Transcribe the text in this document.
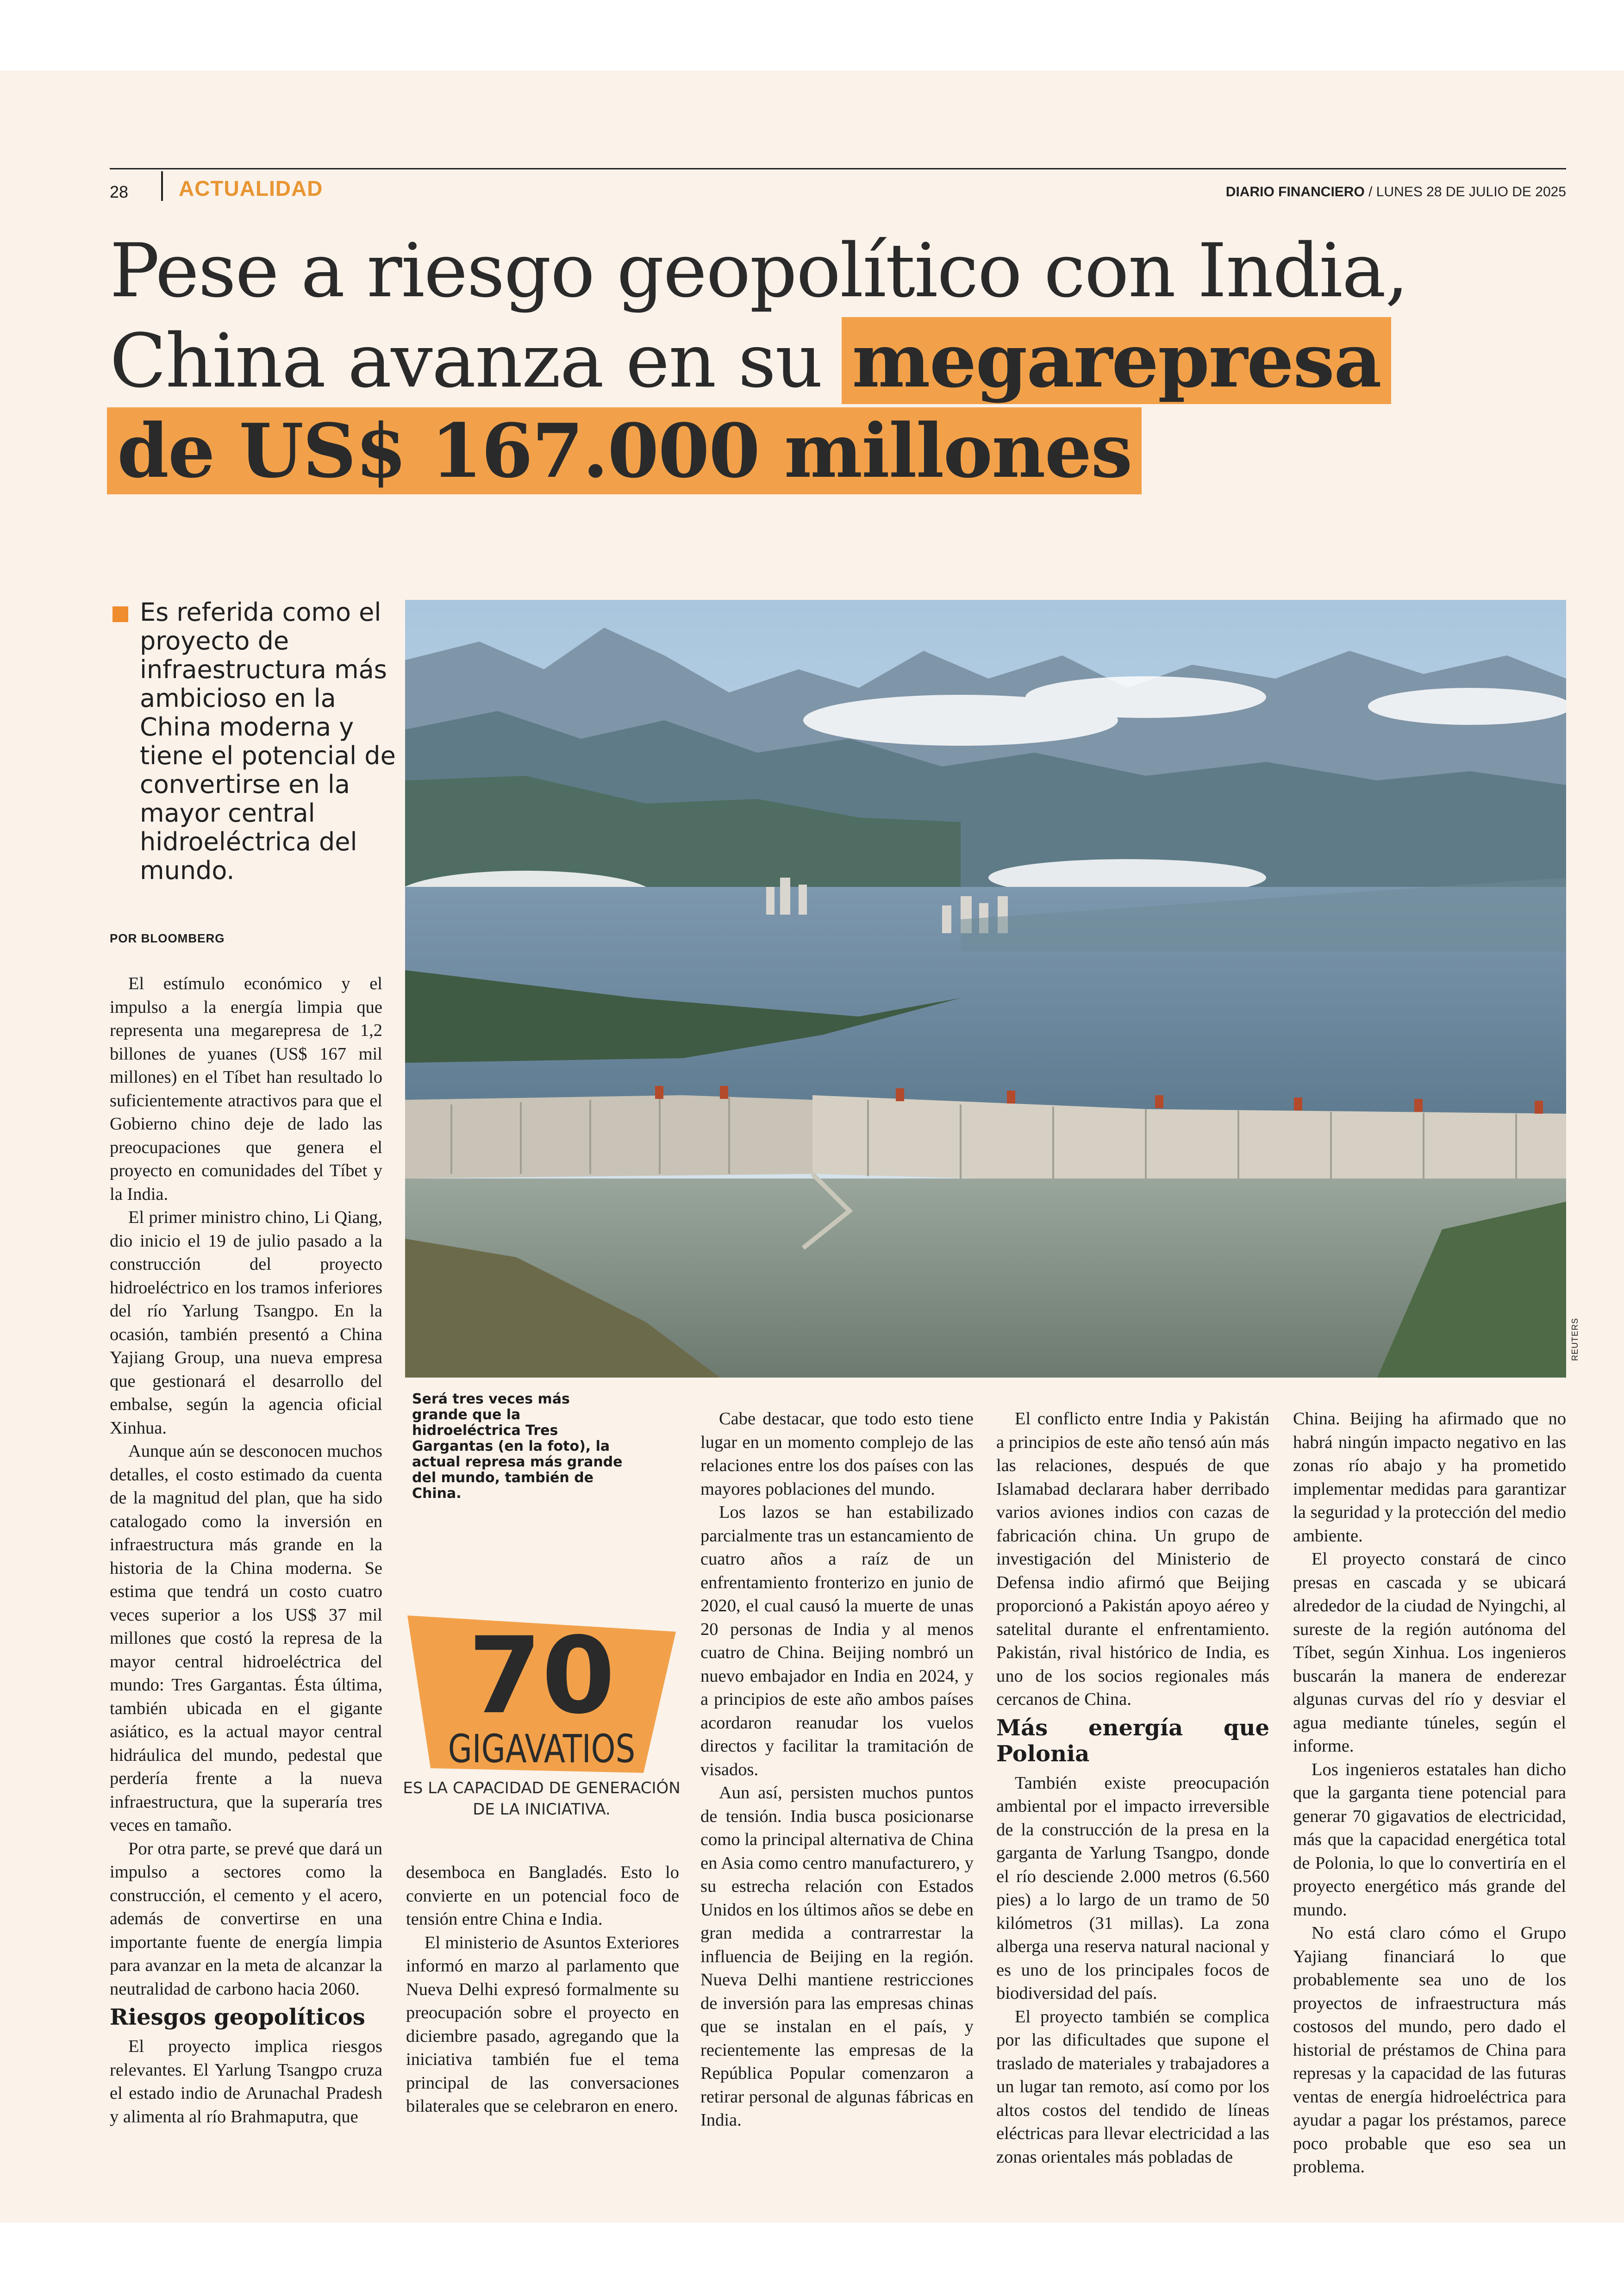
28 ACTUALIDAD	DIARIO FINANCIERO / LUNES 28 DE JULIO DE 2025
Pese a riesgo geopolítico con India,
China avanza en su megarepresa
de US$ 167.000 millones
Es referida como el proyecto de infraestructura más ambicioso en la China moderna y tiene el potencial de convertirse en la mayor central hidroeléctrica del mundo.
POR BLOOMBERG
REUTERS
Será tres veces más grande que la hidroeléctrica Tres Gargantas (en la foto), la actual represa más grande del mundo, también de China.
70
GIGAVATIOS
ES LA CAPACIDAD DE GENERACIÓN DE LA INICIATIVA.

El estímulo económico y el impulso a la energía limpia que representa una megarepresa de 1,2 billones de yuanes (US$ 167 mil millones) en el Tíbet han resultado lo suficientemente atractivos para que el Gobierno chino deje de lado las preocupaciones que genera el proyecto en comunidades del Tíbet y la India.

El primer ministro chino, Li Qiang, dio inicio el 19 de julio pasado a la construcción del proyecto hidroeléctrico en los tramos inferiores del río Yarlung Tsangpo. En la ocasión, también presentó a China Yajiang Group, una nueva empresa que gestionará el desarrollo del embalse, según la agencia oficial Xinhua.

Aunque aún se desconocen muchos detalles, el costo estimado da cuenta de la magnitud del plan, que ha sido catalogado como la inversión en infraestructura más grande en la historia de la China moderna. Se estima que tendrá un costo cuatro veces superior a los US$ 37 mil millones que costó la represa de la mayor central hidroeléctrica del mundo: Tres Gargantas. Ésta última, también ubicada en el gigante asiático, es la actual mayor central hidráulica del mundo, pedestal que perdería frente a la nueva infraestructura, que la superaría tres veces en tamaño.

Por otra parte, se prevé que dará un impulso a sectores como la construcción, el cemento y el acero, además de convertirse en una importante fuente de energía limpia para avanzar en la meta de alcanzar la neutralidad de carbono hacia 2060.

Riesgos geopolíticos

El proyecto implica riesgos relevantes. El Yarlung Tsangpo cruza el estado indio de Arunachal Pradesh y alimenta al río Brahmaputra, que

desemboca en Bangladés. Esto lo convierte en un potencial foco de tensión entre China e India.

El ministerio de Asuntos Exteriores informó en marzo al parlamento que Nueva Delhi expresó formalmente su preocupación sobre el proyecto en diciembre pasado, agregando que la iniciativa también fue el tema principal de las conversaciones bilaterales que se celebraron en enero.

Cabe destacar, que todo esto tiene lugar en un momento complejo de las relaciones entre los dos países con las mayores poblaciones del mundo.

Los lazos se han estabilizado parcialmente tras un estancamiento de cuatro años a raíz de un enfrentamiento fronterizo en junio de 2020, el cual causó la muerte de unas 20 personas de India y al menos cuatro de China. Beijing nombró un nuevo embajador en India en 2024, y a principios de este año ambos países acordaron reanudar los vuelos directos y facilitar la tramitación de visados.

Aun así, persisten muchos puntos de tensión. India busca posicionarse como la principal alternativa de China en Asia como centro manufacturero, y su estrecha relación con Estados Unidos en los últimos años se debe en gran medida a contrarrestar la influencia de Beijing en la región. Nueva Delhi mantiene restricciones de inversión para las empresas chinas que se instalan en el país, y recientemente las empresas de la República Popular comenzaron a retirar personal de algunas fábricas en India.

El conflicto entre India y Pakistán a principios de este año tensó aún más las relaciones, después de que Islamabad declarara haber derribado varios aviones indios con cazas de fabricación china. Un grupo de investigación del Ministerio de Defensa indio afirmó que Beijing proporcionó a Pakistán apoyo aéreo y satelital durante el enfrentamiento. Pakistán, rival histórico de India, es uno de los socios regionales más cercanos de China.

Más energía que Polonia

También existe preocupación ambiental por el impacto irreversible de la construcción de la presa en la garganta de Yarlung Tsangpo, donde el río desciende 2.000 metros (6.560 pies) a lo largo de un tramo de 50 kilómetros (31 millas). La zona alberga una reserva natural nacional y es uno de los principales focos de biodiversidad del país.

El proyecto también se complica por las dificultades que supone el traslado de materiales y trabajadores a un lugar tan remoto, así como por los altos costos del tendido de líneas eléctricas para llevar electricidad a las zonas orientales más pobladas de

China. Beijing ha afirmado que no habrá ningún impacto negativo en las zonas río abajo y ha prometido implementar medidas para garantizar la seguridad y la protección del medio ambiente.

El proyecto constará de cinco presas en cascada y se ubicará alrededor de la ciudad de Nyingchi, al sureste de la región autónoma del Tíbet, según Xinhua. Los ingenieros buscarán la manera de enderezar algunas curvas del río y desviar el agua mediante túneles, según el informe.

Los ingenieros estatales han dicho que la garganta tiene potencial para generar 70 gigavatios de electricidad, más que la capacidad energética total de Polonia, lo que lo convertiría en el proyecto energético más grande del mundo.

No está claro cómo el Grupo Yajiang financiará lo que probablemente sea uno de los proyectos de infraestructura más costosos del mundo, pero dado el historial de préstamos de China para represas y la capacidad de las futuras ventas de energía hidroeléctrica para ayudar a pagar los préstamos, parece poco probable que eso sea un problema.
